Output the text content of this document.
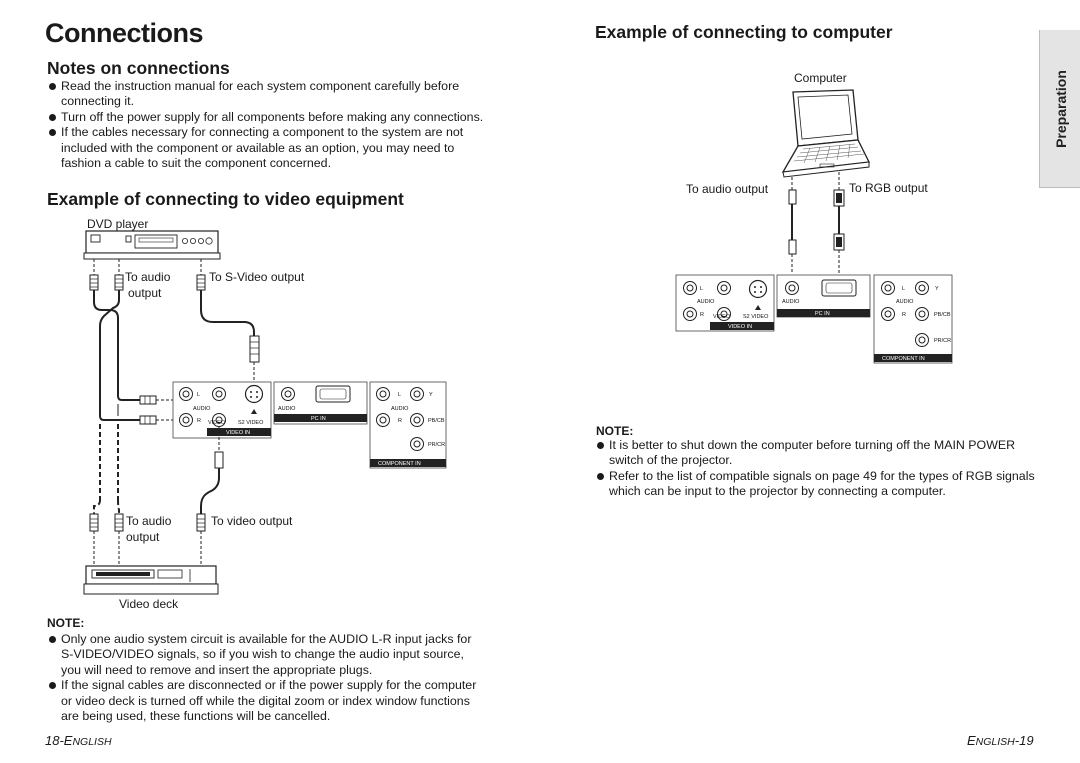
Connections
Preparation
Notes on connections
Read the instruction manual for each system component carefully before connecting it.
Turn off the power supply for all components before making any connections.
If the cables necessary for connecting a component to the system are not included with the component or available as an option, you may need to fashion a cable to suit the component concerned.
Example of connecting to video equipment
DVD player
To audio
output
To S-Video output
To audio
output
To video output
Video deck
L
AUDIO
R VIDEO S2 VIDEO
VIDEO IN
AUDIO
PC IN
L
AUDIO
R
Y
PB/CB
PR/CR
COMPONENT IN
NOTE:
Only one audio system circuit is available for the AUDIO L-R input jacks for S-VIDEO/VIDEO signals, so if you wish to change the audio input source, you will need to remove and insert the appropriate plugs.
If the signal cables are disconnected or if the power supply for the computer or video deck is turned off while the digital zoom or index window functions are being used, these functions will be cancelled.
18-ENGLISH
Example of connecting to computer
Computer
To audio output	To RGB output
L
AUDIO
R VIDEO S2 VIDEO
VIDEO IN
AUDIO
PC IN
L
AUDIO
R
Y
PB/CB
PR/CR
COMPONENT IN
NOTE:
It is better to shut down the computer before turning off the MAIN POWER switch of the projector.
Refer to the list of compatible signals on page 49 for the types of RGB signals which can be input to the projector by connecting a computer.
ENGLISH-19
